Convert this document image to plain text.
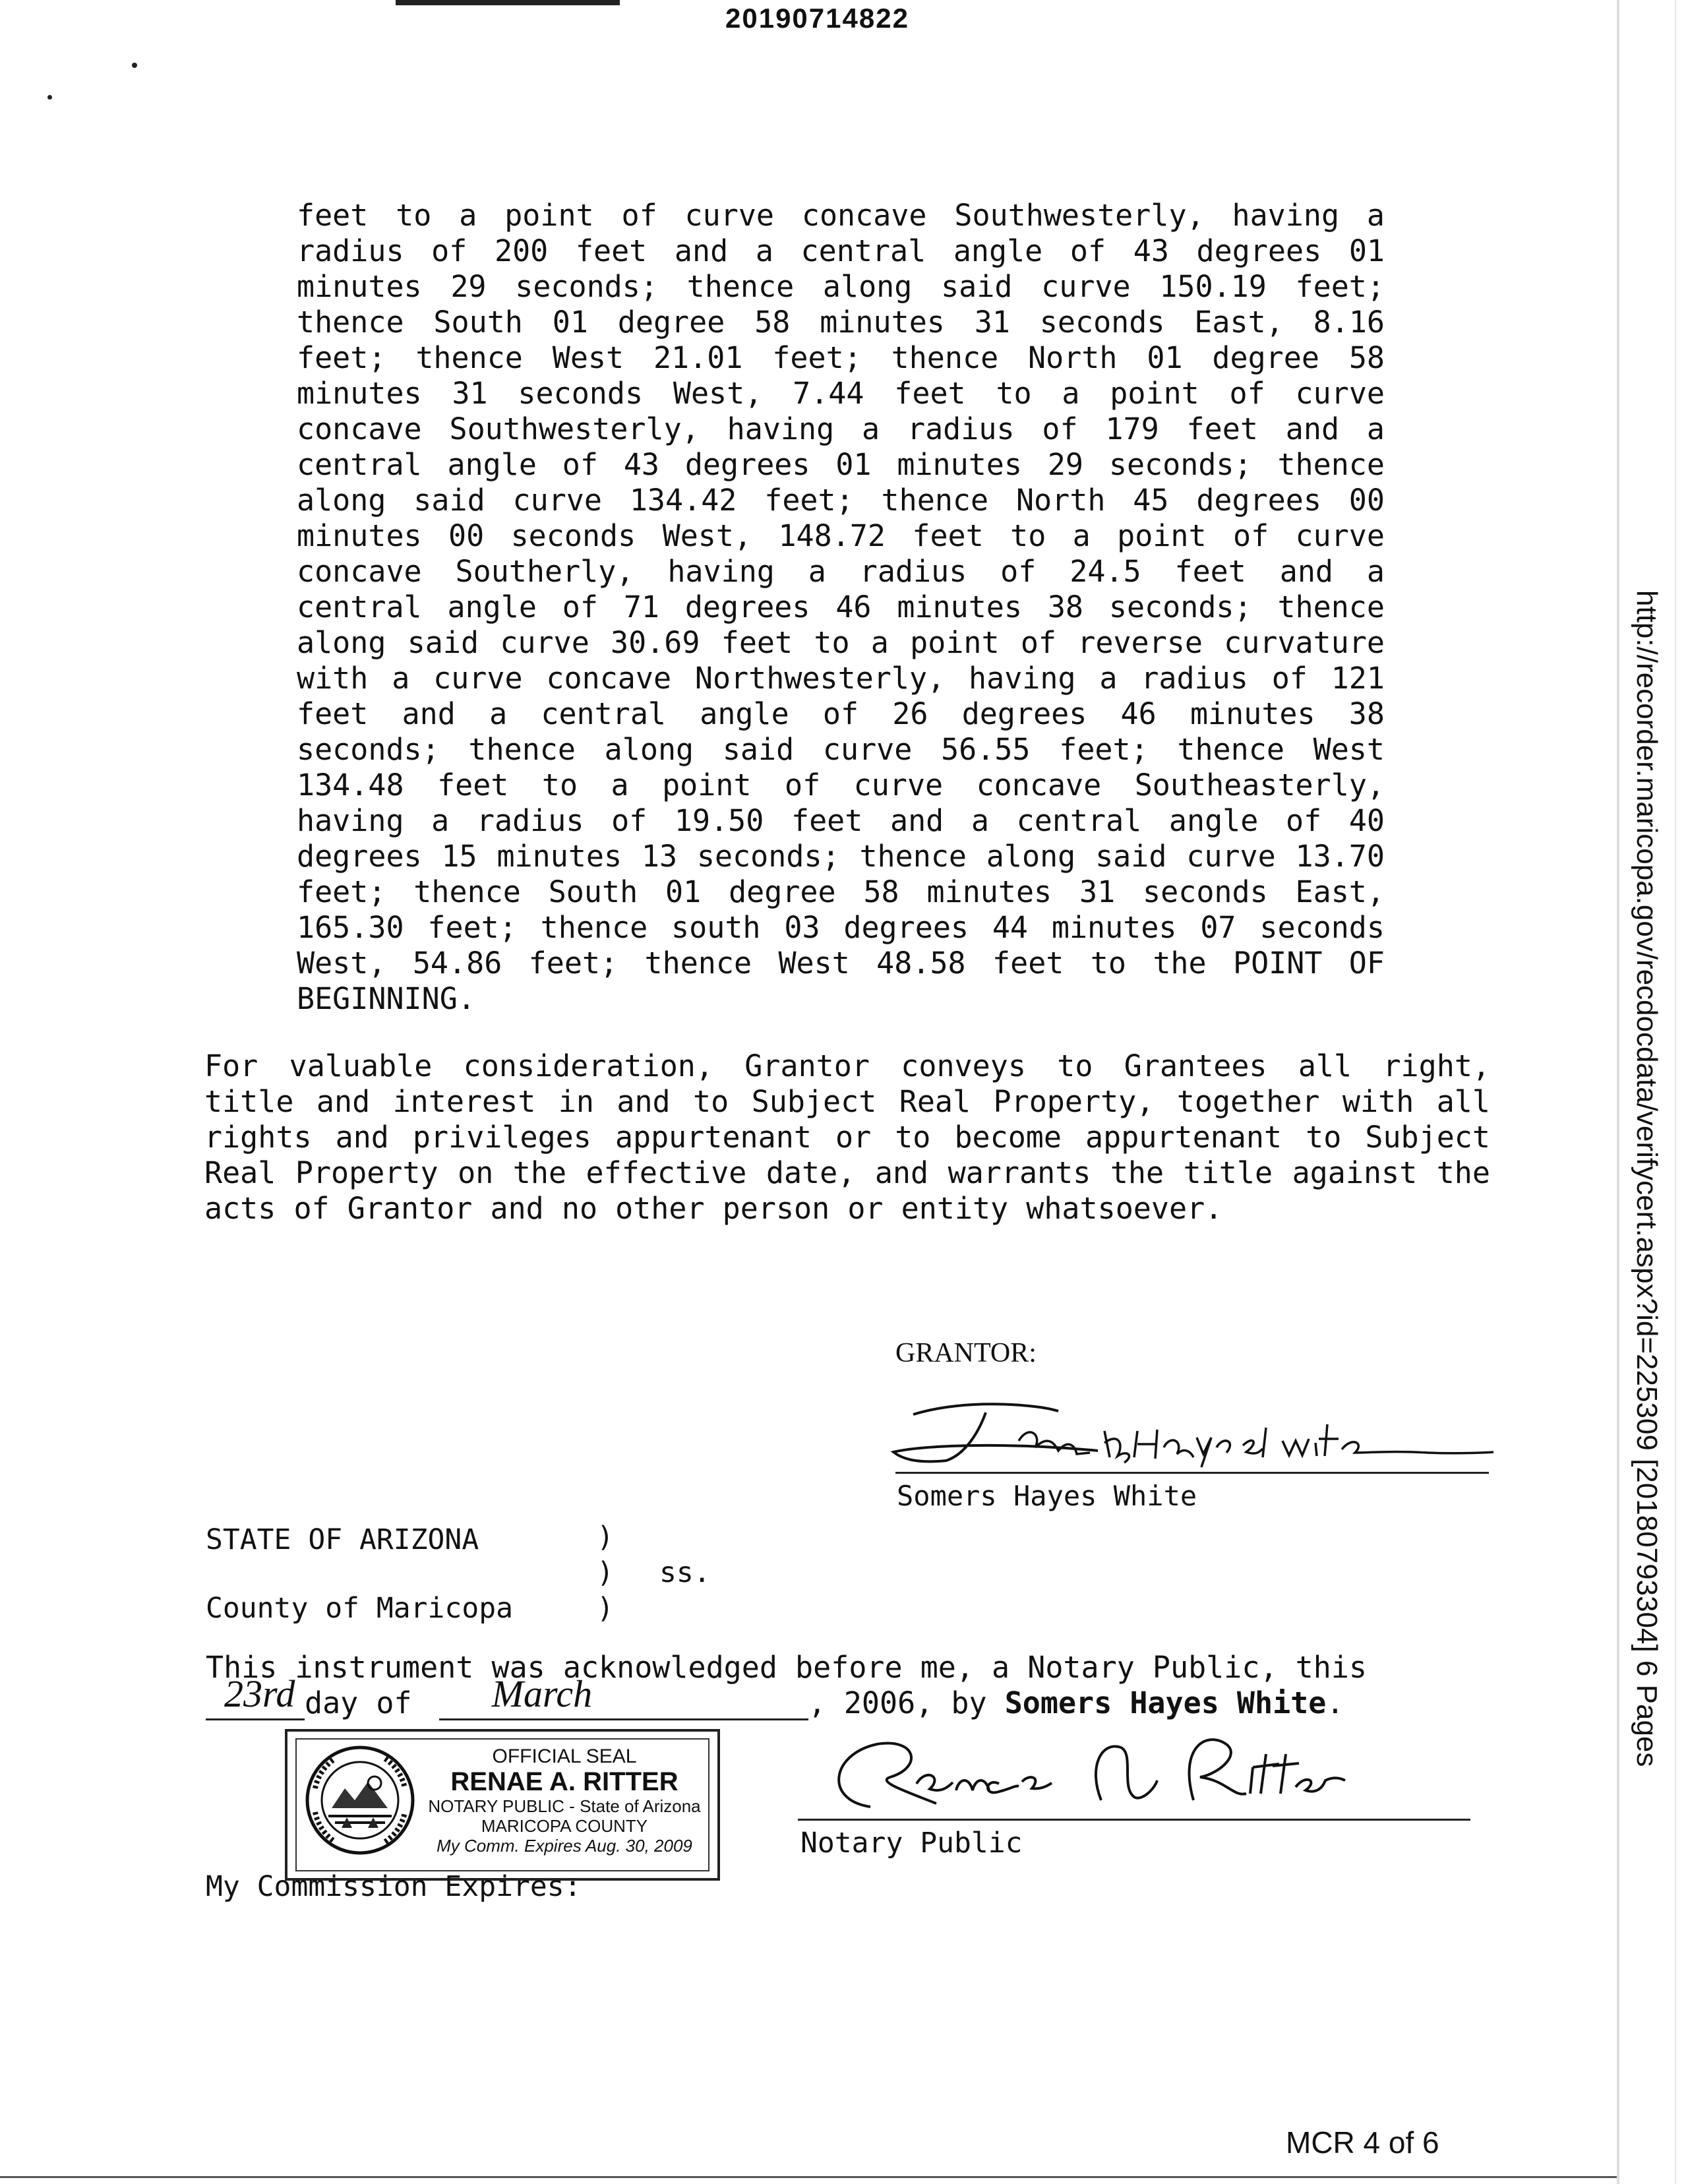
20190714822
feet to a point of curve concave Southwesterly, having a radius of 200 feet and a central angle of 43 degrees 01 minutes 29 seconds; thence along said curve 150.19 feet; thence South 01 degree 58 minutes 31 seconds East, 8.16 feet; thence West 21.01 feet; thence North 01 degree 58 minutes 31 seconds West, 7.44 feet to a point of curve concave Southwesterly, having a radius of 179 feet and a central angle of 43 degrees 01 minutes 29 seconds; thence along said curve 134.42 feet; thence North 45 degrees 00 minutes 00 seconds West, 148.72 feet to a point of curve concave Southerly, having a radius of 24.5 feet and a central angle of 71 degrees 46 minutes 38 seconds; thence along said curve 30.69 feet to a point of reverse curvature with a curve concave Northwesterly, having a radius of 121 feet and a central angle of 26 degrees 46 minutes 38 seconds; thence along said curve 56.55 feet; thence West 134.48 feet to a point of curve concave Southeasterly, having a radius of 19.50 feet and a central angle of 40 degrees 15 minutes 13 seconds; thence along said curve 13.70 feet; thence South 01 degree 58 minutes 31 seconds East, 165.30 feet; thence south 03 degrees 44 minutes 07 seconds West, 54.86 feet; thence West 48.58 feet to the POINT OF BEGINNING.
For valuable consideration, Grantor conveys to Grantees all right, title and interest in and to Subject Real Property, together with all rights and privileges appurtenant or to become appurtenant to Subject Real Property on the effective date, and warrants the title against the acts of Grantor and no other person or entity whatsoever.
GRANTOR:
Somers Hayes White
STATE OF ARIZONA	)
) ss.
County of Maricopa	)
This instrument was acknowledged before me, a Notary Public, this
23rd day of March	, 2006, by Somers Hayes White.
OFFICIAL SEAL
RENAE A. RITTER
NOTARY PUBLIC - State of Arizona
MARICOPA COUNTY
My Comm. Expires Aug. 30, 2009	Notary Public
My Commission Expires:
http://recorder.maricopa.gov/recdocdata/verifycert.aspx?id=225309 [20180793304] 6 Pages
MCR 4 of 6
